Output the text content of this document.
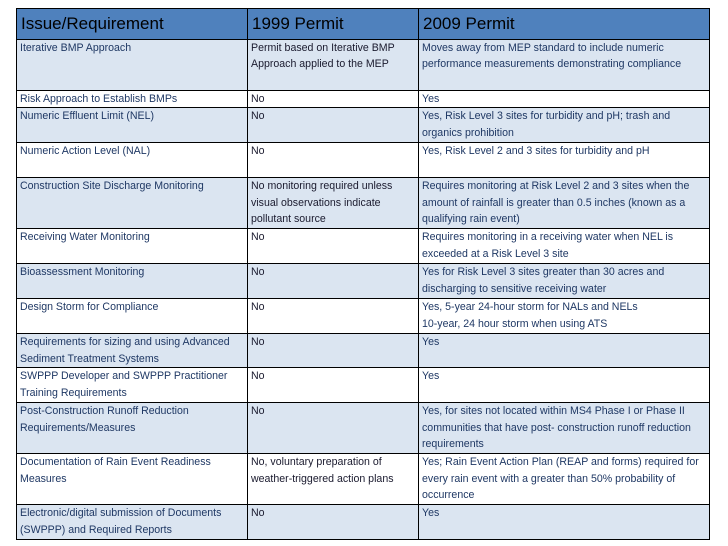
Issue/Requirement	1999 Permit	2009 Permit
Iterative BMP Approach	Permit based on Iterative BMP Approach applied to the MEP	Moves away from MEP standard to include numeric performance measurements demonstrating compliance
Risk Approach to Establish BMPs	No	Yes
Numeric Effluent Limit (NEL)	No	Yes, Risk Level 3 sites for turbidity and pH; trash and organics prohibition
Numeric Action Level (NAL)	No	Yes, Risk Level 2 and 3 sites for turbidity and pH
Construction Site Discharge Monitoring	No monitoring required unless visual observations indicate pollutant source	Requires monitoring at Risk Level 2 and 3 sites when the amount of rainfall is greater than 0.5 inches (known as a qualifying rain event)
Receiving Water Monitoring	No	Requires monitoring in a receiving water when NEL is exceeded at a Risk Level 3 site
Bioassessment Monitoring	No	Yes for Risk Level 3 sites greater than 30 acres and discharging to sensitive receiving water
Design Storm for Compliance	No	Yes, 5-year 24-hour storm for NALs and NELs
10-year, 24 hour storm when using ATS
Requirements for sizing and using Advanced Sediment Treatment Systems	No	Yes
SWPPP Developer and SWPPP Practitioner Training Requirements	No	Yes
Post-Construction Runoff Reduction Requirements/Measures	No	Yes, for sites not located within MS4 Phase I or Phase II communities that have post- construction runoff reduction requirements
Documentation of Rain Event Readiness Measures	No, voluntary preparation of weather-triggered action plans	Yes; Rain Event Action Plan (REAP and forms) required for every rain event with a greater than 50% probability of occurrence
Electronic/digital submission of Documents (SWPPP) and Required Reports	No	Yes
